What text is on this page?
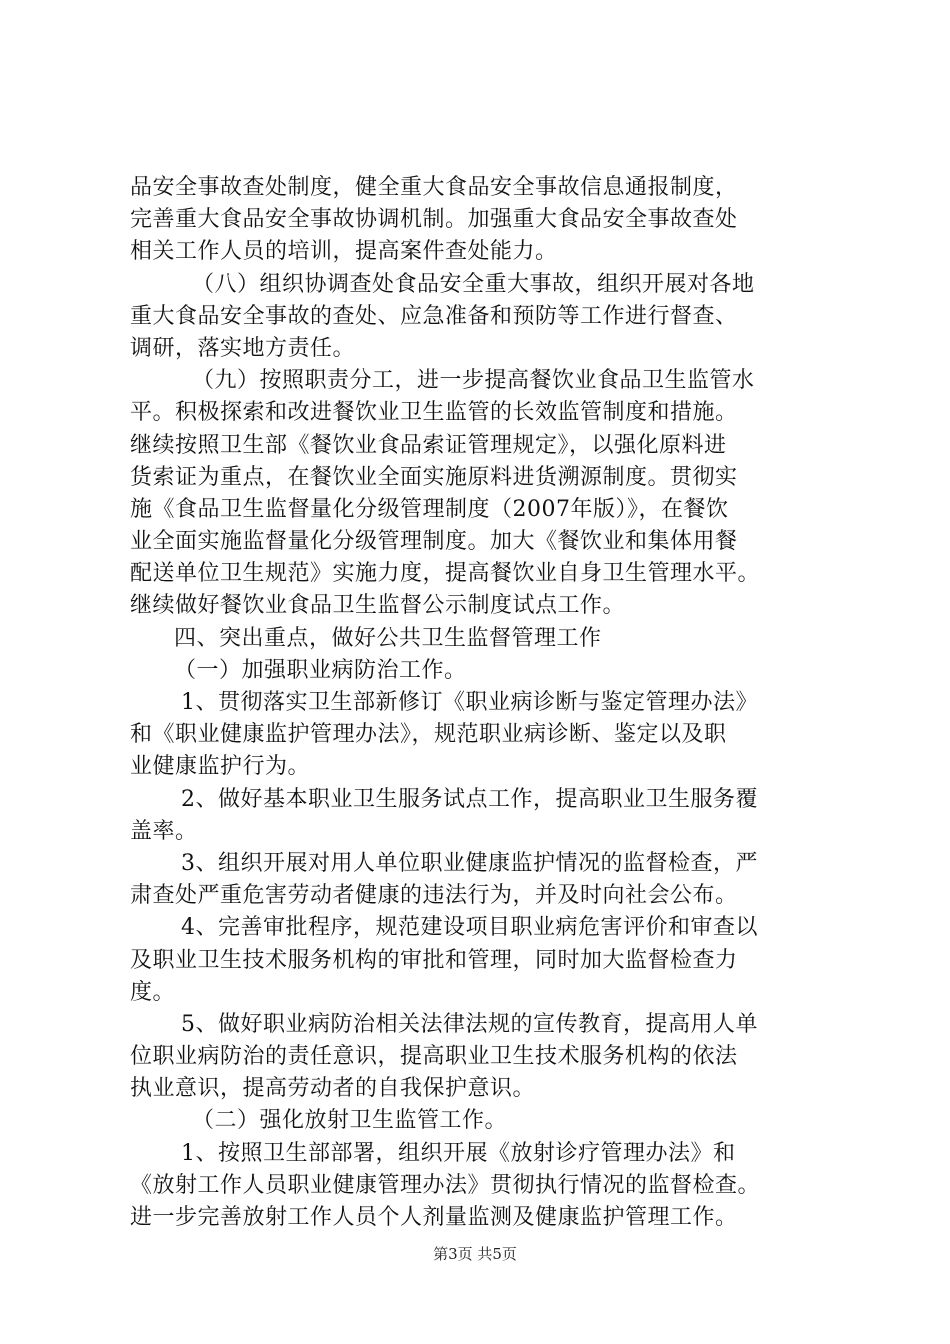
品安全事故查处制度，健全重大食品安全事故信息通报制度，
完善重大食品安全事故协调机制。加强重大食品安全事故查处
相关工作人员的培训，提高案件查处能力。
（八）组织协调查处食品安全重大事故，组织开展对各地
重大食品安全事故的查处、应急准备和预防等工作进行督查、
调研，落实地方责任。
（九）按照职责分工，进一步提高餐饮业食品卫生监管水
平。积极探索和改进餐饮业卫生监管的长效监管制度和措施。
继续按照卫生部《餐饮业食品索证管理规定》，以强化原料进
货索证为重点，在餐饮业全面实施原料进货溯源制度。贯彻实
施《食品卫生监督量化分级管理制度（2007年版）》，在餐饮
业全面实施监督量化分级管理制度。加大《餐饮业和集体用餐
配送单位卫生规范》实施力度，提高餐饮业自身卫生管理水平。
继续做好餐饮业食品卫生监督公示制度试点工作。
四、突出重点，做好公共卫生监督管理工作
（一）加强职业病防治工作。
1、贯彻落实卫生部新修订《职业病诊断与鉴定管理办法》
和《职业健康监护管理办法》，规范职业病诊断、鉴定以及职
业健康监护行为。
2、做好基本职业卫生服务试点工作，提高职业卫生服务覆
盖率。
3、组织开展对用人单位职业健康监护情况的监督检查，严
肃查处严重危害劳动者健康的违法行为，并及时向社会公布。
4、完善审批程序，规范建设项目职业病危害评价和审查以
及职业卫生技术服务机构的审批和管理，同时加大监督检查力
度。
5、做好职业病防治相关法律法规的宣传教育，提高用人单
位职业病防治的责任意识，提高职业卫生技术服务机构的依法
执业意识，提高劳动者的自我保护意识。
（二）强化放射卫生监管工作。
1、按照卫生部部署，组织开展《放射诊疗管理办法》和
《放射工作人员职业健康管理办法》贯彻执行情况的监督检查。
进一步完善放射工作人员个人剂量监测及健康监护管理工作。
第3页 共5页
